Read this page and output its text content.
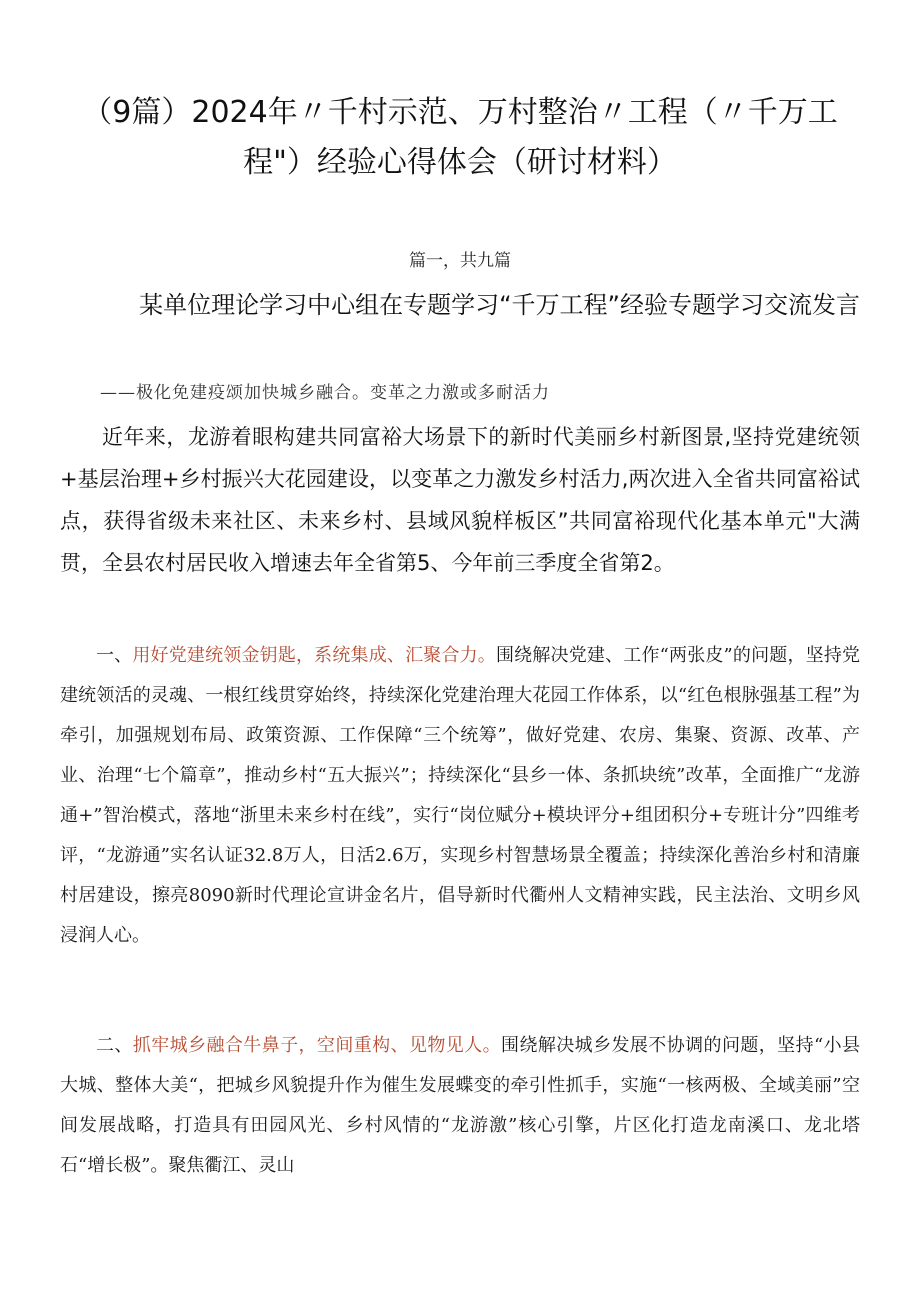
（9篇）2024年〃千村示范、万村整治〃工程（〃千万工程"）经验心得体会（研讨材料）
篇一，共九篇
某单位理论学习中心组在专题学习“千万工程”经验专题学习交流发言
——极化免建疫颂加快城乡融合。变革之力激或多耐活力

近年来，龙游着眼构建共同富裕大场景下的新时代美丽乡村新图景,坚持党建统领+基层治理+乡村振兴大花园建设，以变革之力激发乡村活力,两次进入全省共同富裕试点，获得省级未来社区、未来乡村、县域风貌样板区”共同富裕现代化基本单元"大满贯，全县农村居民收入增速去年全省第5、今年前三季度全省第2。

一、用好党建统领金钥匙，系统集成、汇聚合力。围绕解决党建、工作“两张皮”的问题，坚持党建统领活的灵魂、一根红线贯穿始终，持续深化党建治理大花园工作体系，以“红色根脉强基工程”为牵引，加强规划布局、政策资源、工作保障“三个统筹”，做好党建、农房、集聚、资源、改革、产业、治理“七个篇章”，推动乡村“五大振兴”；持续深化“县乡一体、条抓块统”改革，全面推广“龙游通+”智治模式，落地“浙里未来乡村在线”，实行“岗位赋分+模块评分+组团积分+专班计分”四维考评，“龙游通”实名认证32.8万人，日活2.6万，实现乡村智慧场景全覆盖；持续深化善治乡村和清廉村居建设，擦亮8090新时代理论宣讲金名片，倡导新时代衢州人文精神实践，民主法治、文明乡风浸润人心。

二、抓牢城乡融合牛鼻子，空间重构、见物见人。围绕解决城乡发展不协调的问题，坚持“小县大城、整体大美“，把城乡风貌提升作为催生发展蝶变的牵引性抓手，实施“一核两极、全域美丽”空间发展战略，打造具有田园风光、乡村风情的“龙游激”核心引擎，片区化打造龙南溪口、龙北塔石“增长极”。聚焦衢江、灵山
